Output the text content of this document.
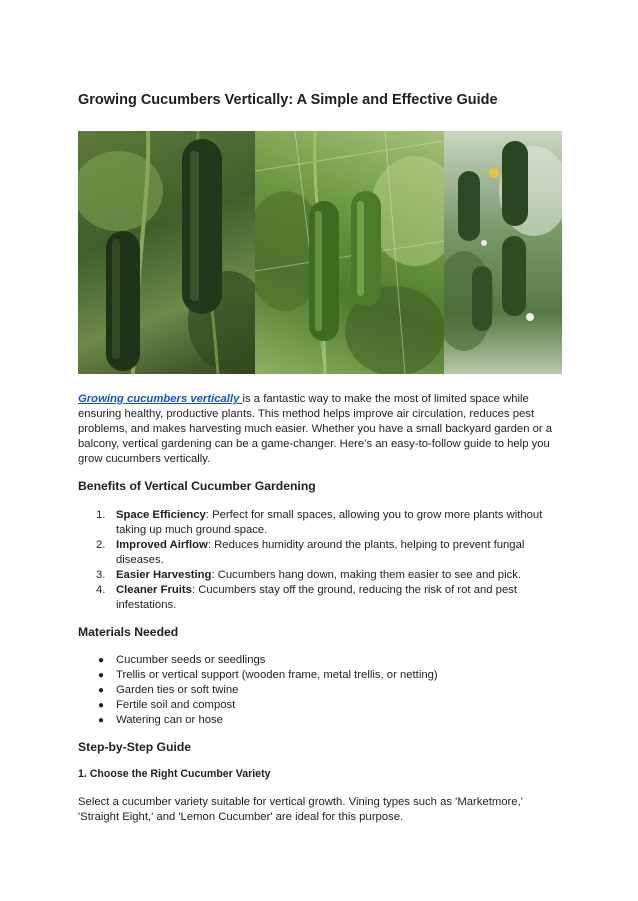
Growing Cucumbers Vertically: A Simple and Effective Guide

Growing cucumbers vertically is a fantastic way to make the most of limited space while ensuring healthy, productive plants. This method helps improve air circulation, reduces pest problems, and makes harvesting much easier. Whether you have a small backyard garden or a balcony, vertical gardening can be a game-changer. Here’s an easy-to-follow guide to help you grow cucumbers vertically.

Benefits of Vertical Cucumber Gardening
1. Space Efficiency: Perfect for small spaces, allowing you to grow more plants without taking up much ground space.
2. Improved Airflow: Reduces humidity around the plants, helping to prevent fungal diseases.
3. Easier Harvesting: Cucumbers hang down, making them easier to see and pick.
4. Cleaner Fruits: Cucumbers stay off the ground, reducing the risk of rot and pest infestations.
Materials Needed
● Cucumber seeds or seedlings
● Trellis or vertical support (wooden frame, metal trellis, or netting)
● Garden ties or soft twine
● Fertile soil and compost
● Watering can or hose
Step-by-Step Guide
1. Choose the Right Cucumber Variety

Select a cucumber variety suitable for vertical growth. Vining types such as 'Marketmore,' 'Straight Eight,' and 'Lemon Cucumber' are ideal for this purpose.
